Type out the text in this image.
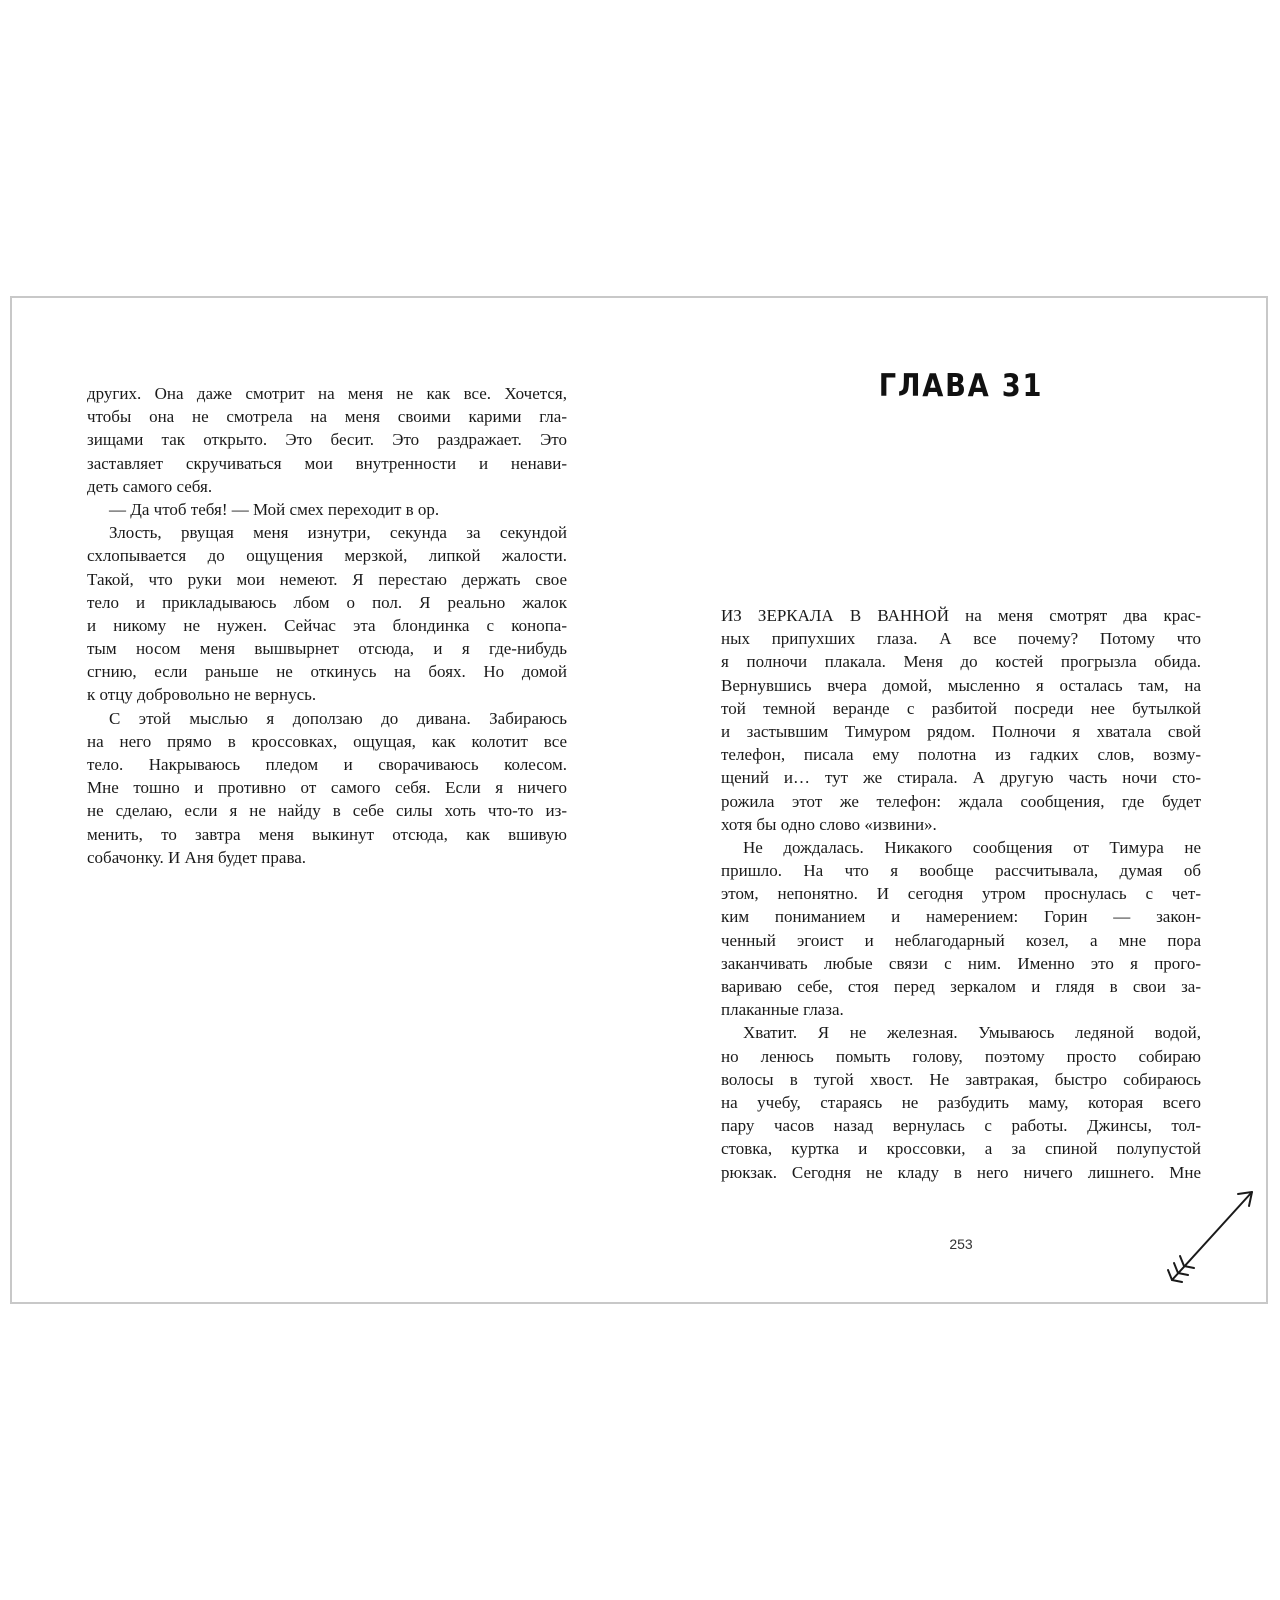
других. Она даже смотрит на меня не как все. Хочется,
чтобы она не смотрела на меня своими карими гла-
зищами так открыто. Это бесит. Это раздражает. Это
заставляет скручиваться мои внутренности и ненави-
деть самого себя.
— Да чтоб тебя! — Мой смех переходит в ор.
Злость, рвущая меня изнутри, секунда за секундой
схлопывается до ощущения мерзкой, липкой жалости.
Такой, что руки мои немеют. Я перестаю держать свое
тело и прикладываюсь лбом о пол. Я реально жалок
и никому не нужен. Сейчас эта блондинка с конопа-
тым носом меня вышвырнет отсюда, и я где-нибудь
сгнию, если раньше не откинусь на боях. Но домой
к отцу добровольно не вернусь.
С этой мыслью я доползаю до дивана. Забираюсь
на него прямо в кроссовках, ощущая, как колотит все
тело. Накрываюсь пледом и сворачиваюсь колесом.
Мне тошно и противно от самого себя. Если я ничего
не сделаю, если я не найду в себе силы хоть что-то из-
менить, то завтра меня выкинут отсюда, как вшивую
собачонку. И Аня будет права.
ГЛАВА 31
ИЗ ЗЕРКАЛА В ВАННОЙ на меня смотрят два крас-
ных припухших глаза. А все почему? Потому что
я полночи плакала. Меня до костей прогрызла обида.
Вернувшись вчера домой, мысленно я осталась там, на
той темной веранде с разбитой посреди нее бутылкой
и застывшим Тимуром рядом. Полночи я хватала свой
телефон, писала ему полотна из гадких слов, возму-
щений и… тут же стирала. А другую часть ночи сто-
рожила этот же телефон: ждала сообщения, где будет
хотя бы одно слово «извини».
Не дождалась. Никакого сообщения от Тимура не
пришло. На что я вообще рассчитывала, думая об
этом, непонятно. И сегодня утром проснулась с чет-
ким пониманием и намерением: Горин — закон-
ченный эгоист и неблагодарный козел, а мне пора
заканчивать любые связи с ним. Именно это я прого-
вариваю себе, стоя перед зеркалом и глядя в свои за-
плаканные глаза.
Хватит. Я не железная. Умываюсь ледяной водой,
но ленюсь помыть голову, поэтому просто собираю
волосы в тугой хвост. Не завтракая, быстро собираюсь
на учебу, стараясь не разбудить маму, которая всего
пару часов назад вернулась с работы. Джинсы, тол-
стовка, куртка и кроссовки, а за спиной полупустой
рюкзак. Сегодня не кладу в него ничего лишнего. Мне
253
